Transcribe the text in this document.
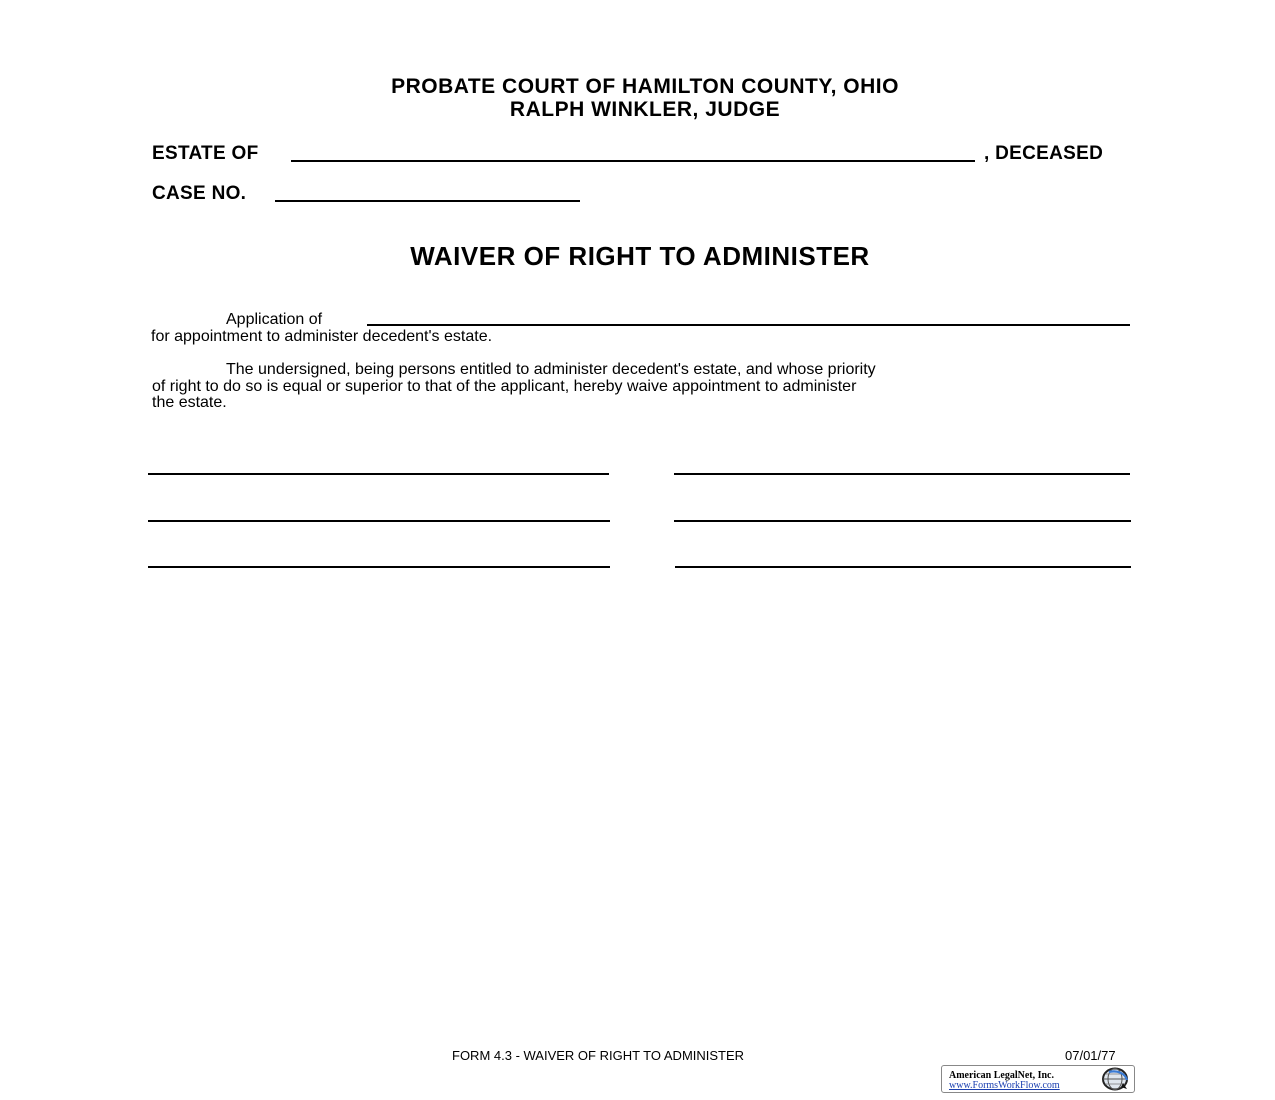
PROBATE COURT OF HAMILTON COUNTY, OHIO
RALPH WINKLER, JUDGE
ESTATE OF	, DECEASED
CASE NO.
WAIVER OF RIGHT TO ADMINISTER
Application of
for appointment to administer decedent's estate.
The undersigned, being persons entitled to administer decedent's estate, and whose priority
of right to do so is equal or superior to that of the applicant, hereby waive appointment to administer
the estate.
FORM 4.3 - WAIVER OF RIGHT TO ADMINISTER	07/01/77
American LegalNet, Inc.
www.FormsWorkFlow.com
